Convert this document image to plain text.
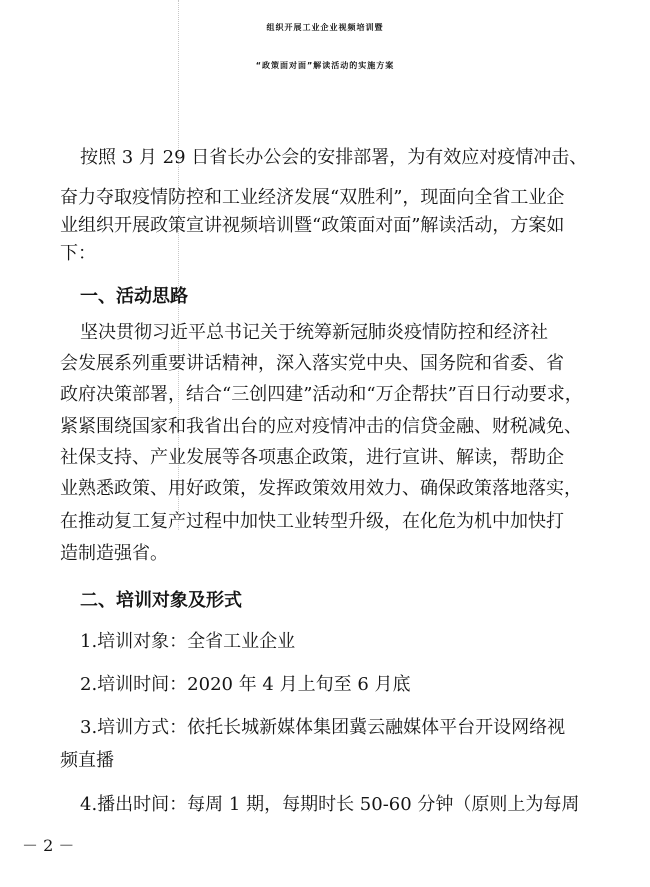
组织开展工业企业视频培训暨
“政策面对面”解读活动的实施方案

按照 3 月 29 日省长办公会的安排部署，为有效应对疫情冲击、

奋力夺取疫情防控和工业经济发展“双胜利”，现面向全省工业企

业组织开展政策宣讲视频培训暨“政策面对面”解读活动，方案如

下：

一、活动思路

坚决贯彻习近平总书记关于统筹新冠肺炎疫情防控和经济社

会发展系列重要讲话精神，深入落实党中央、国务院和省委、省

政府决策部署，结合“三创四建”活动和“万企帮扶”百日行动要求，

紧紧围绕国家和我省出台的应对疫情冲击的信贷金融、财税减免、

社保支持、产业发展等各项惠企政策，进行宣讲、解读，帮助企

业熟悉政策、用好政策，发挥政策效用效力、确保政策落地落实，

在推动复工复产过程中加快工业转型升级，在化危为机中加快打

造制造强省。

二、培训对象及形式

1.培训对象：全省工业企业

2.培训时间：2020 年 4 月上旬至 6 月底

3.培训方式：依托长城新媒体集团冀云融媒体平台开设网络视

频直播

4.播出时间：每周 1 期，每期时长 50-60 分钟（原则上为每周

－ 2 －
